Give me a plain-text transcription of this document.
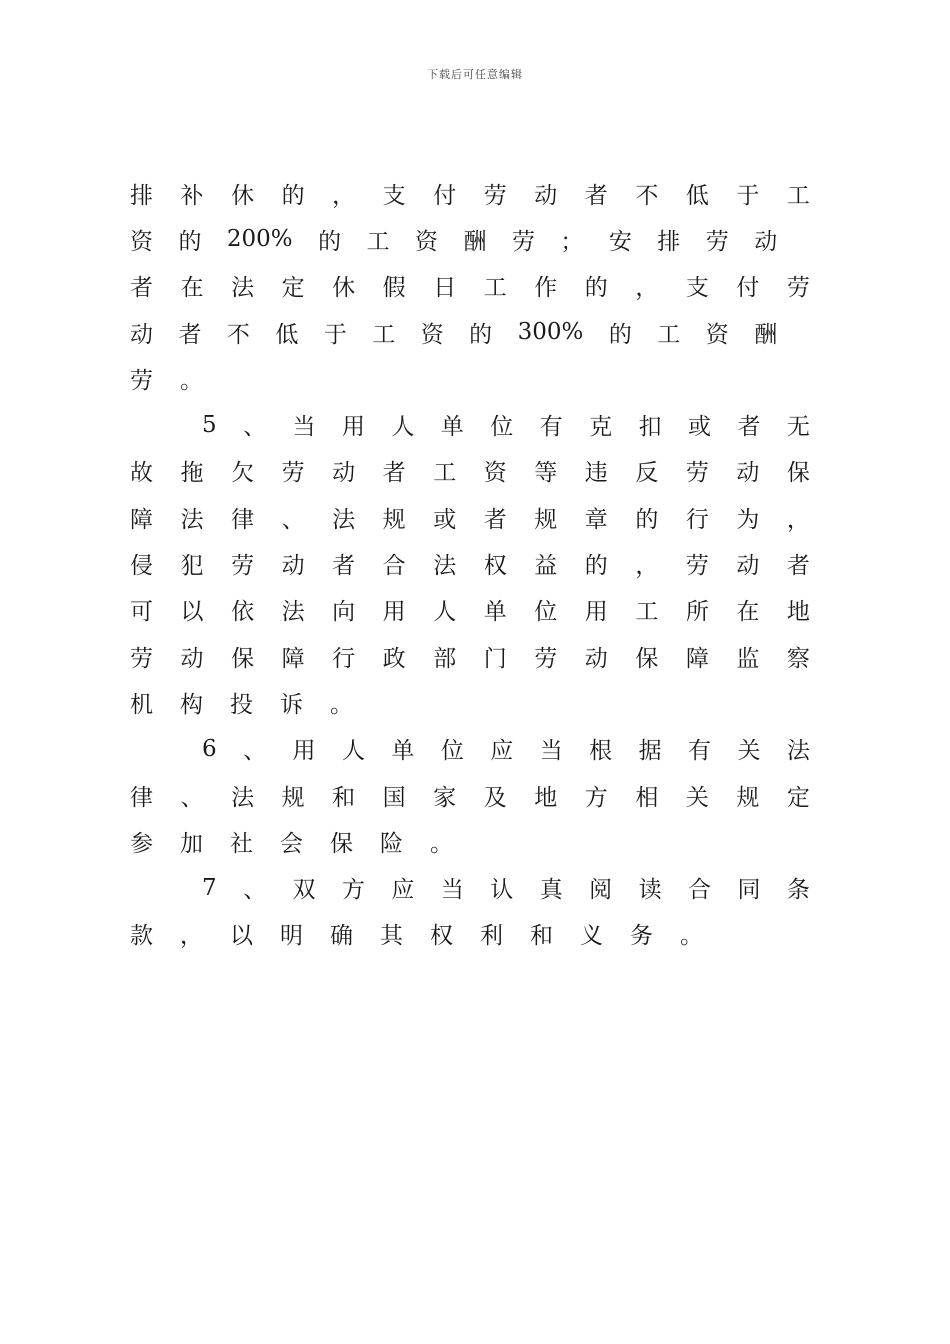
下载后可任意编辑
排 补 休 的 ， 支 付 劳 动 者 不 低 于 工
资 的 200% 的 工 资 酬 劳 ； 安 排 劳 动

者 在 法 定 休 假 日 工 作 的 ， 支 付 劳
动 者 不 低 于 工 资 的 300% 的 工 资 酬

劳 。
5 、 当 用 人 单 位 有 克 扣 或 者 无
故 拖 欠 劳 动 者 工 资 等 违 反 劳 动 保
障 法 律 、 法 规 或 者 规 章 的 行 为 ，
侵 犯 劳 动 者 合 法 权 益 的 ， 劳 动 者
可 以 依 法 向 用 人 单 位 用 工 所 在 地
劳 动 保 障 行 政 部 门 劳 动 保 障 监 察
机 构 投 诉 。
6 、 用 人 单 位 应 当 根 据 有 关 法
律 、 法 规 和 国 家 及 地 方 相 关 规 定
参 加 社 会 保 险 。
7 、 双 方 应 当 认 真 阅 读 合 同 条
款 ， 以 明 确 其 权 利 和 义 务 。
